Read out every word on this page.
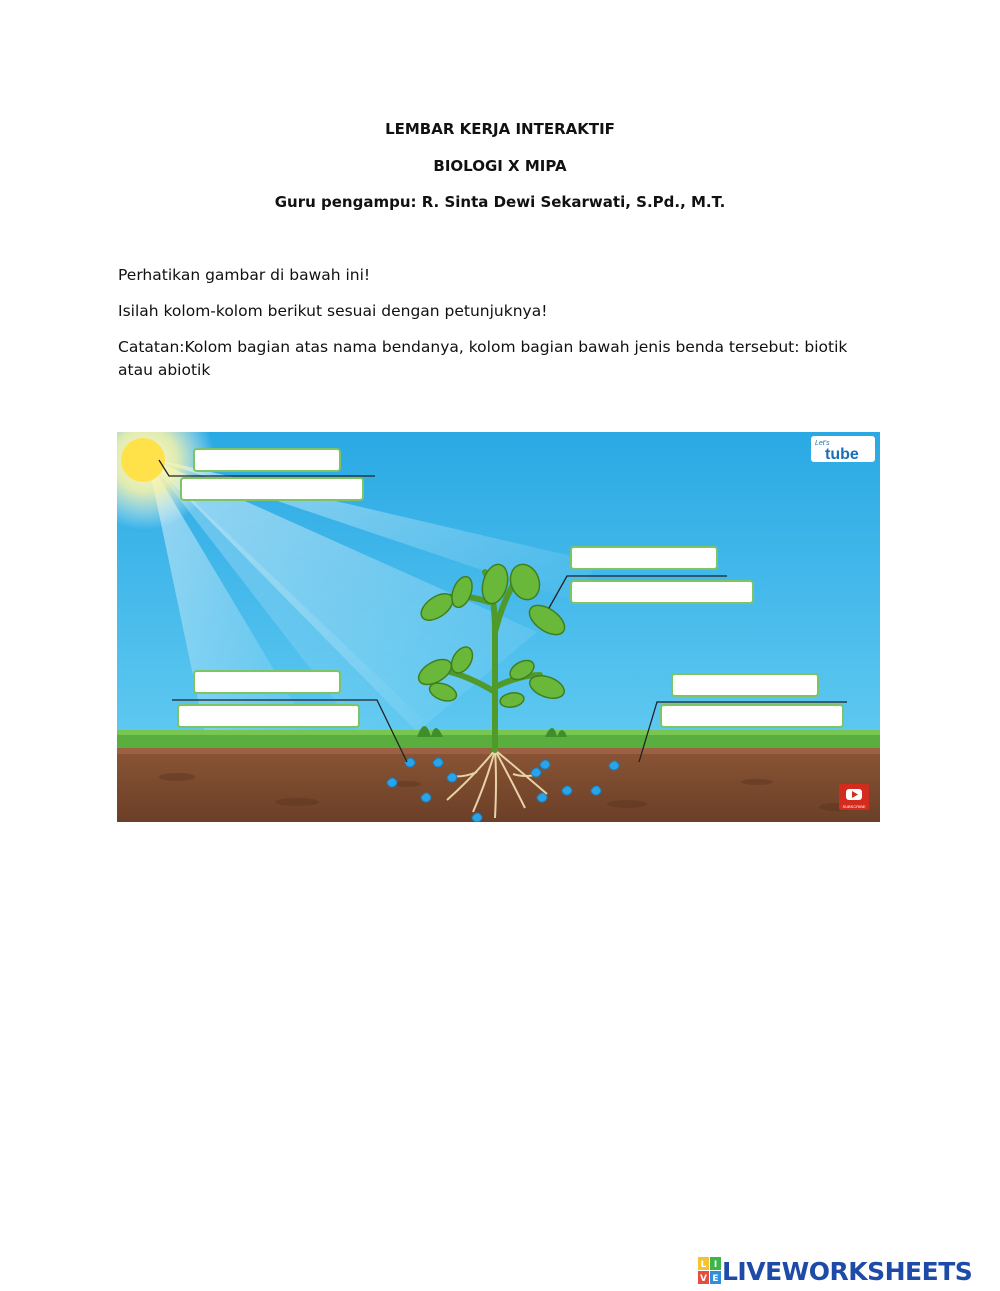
LEMBAR KERJA INTERAKTIF
BIOLOGI X MIPA
Guru pengampu: R. Sinta Dewi Sekarwati, S.Pd., M.T.
Perhatikan gambar di bawah ini!
Isilah kolom-kolom berikut sesuai dengan petunjuknya!
Catatan:Kolom bagian atas nama bendanya, kolom bagian bawah jenis benda tersebut: biotik atau abiotik
Let's
tube
SUBSCRIBE
L I
V E LIVEWORKSHEETS
